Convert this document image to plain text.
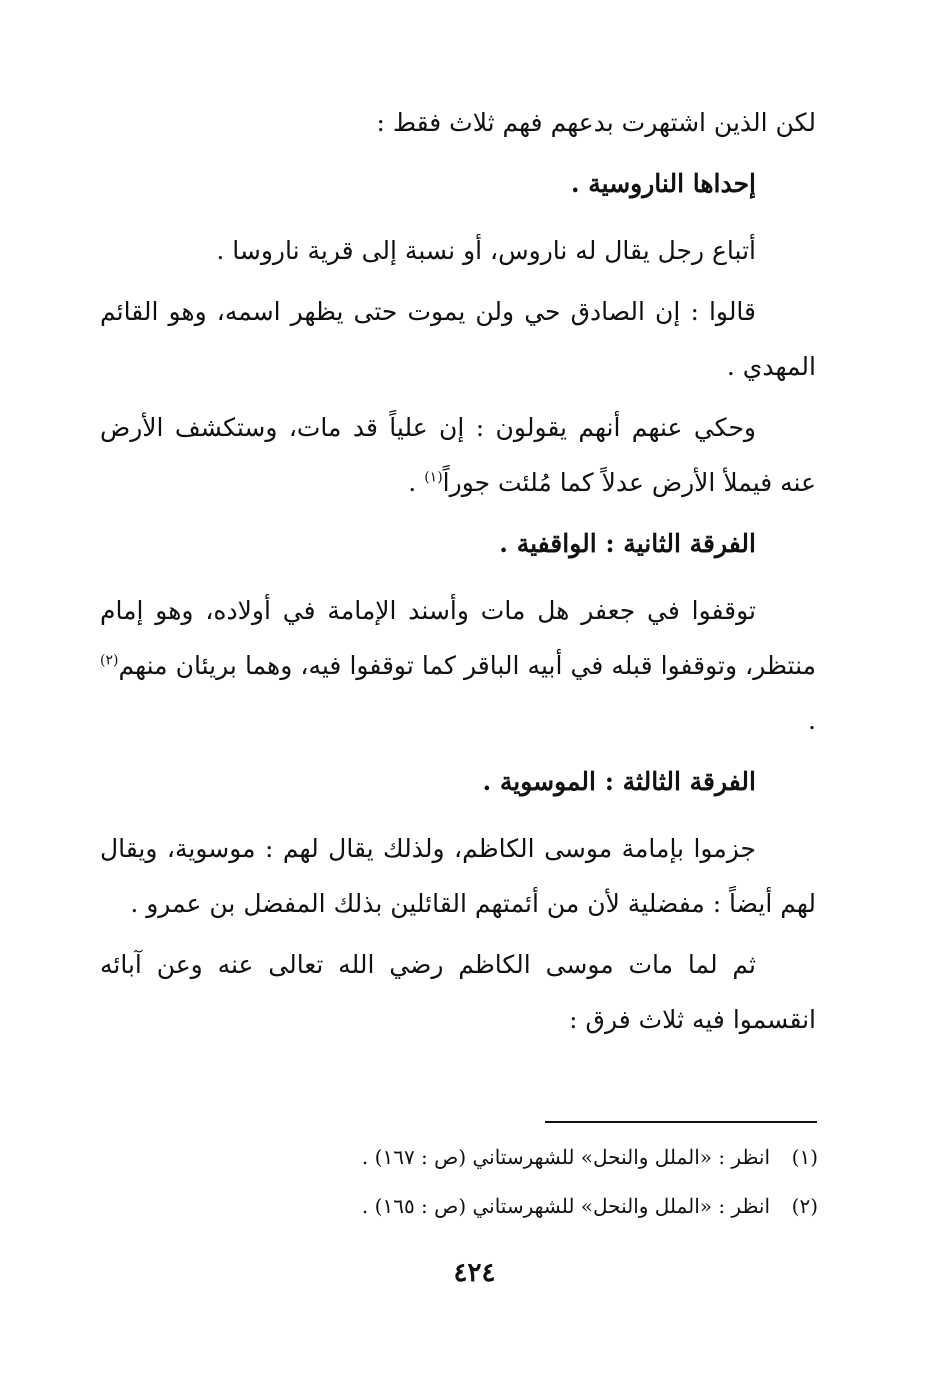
لكن الذين اشتهرت بدعهم فهم ثلاث فقط :

إحداها الناروسية .

أتباع رجل يقال له ناروس، أو نسبة إلى قرية ناروسا .

قالوا : إن الصادق حي ولن يموت حتى يظهر اسمه، وهو القائم المهدي .

وحكي عنهم أنهم يقولون : إن علياً قد مات، وستكشف الأرض عنه فيملأ الأرض عدلاً كما مُلئت جوراً$^{(١)}$ .

الفرقة الثانية : الواقفية .

توقفوا في جعفر هل مات وأسند الإمامة في أولاده، وهو إمام منتظر، وتوقفوا قبله في أبيه الباقر كما توقفوا فيه، وهما بريئان منهم$^{(٢)}$ .

الفرقة الثالثة : الموسوية .

جزموا بإمامة موسى الكاظم، ولذلك يقال لهم : موسوية، ويقال لهم أيضاً : مفضلية لأن من أئمتهم القائلين بذلك المفضل بن عمرو .

ثم لما مات موسى الكاظم رضي الله تعالى عنه وعن آبائه انقسموا فيه ثلاث فرق :

(١)
انظر : «الملل والنحل» للشهرستاني (ص : ١٦٧) .
(٢)
انظر : «الملل والنحل» للشهرستاني (ص : ١٦٥) .
٤٢٤
